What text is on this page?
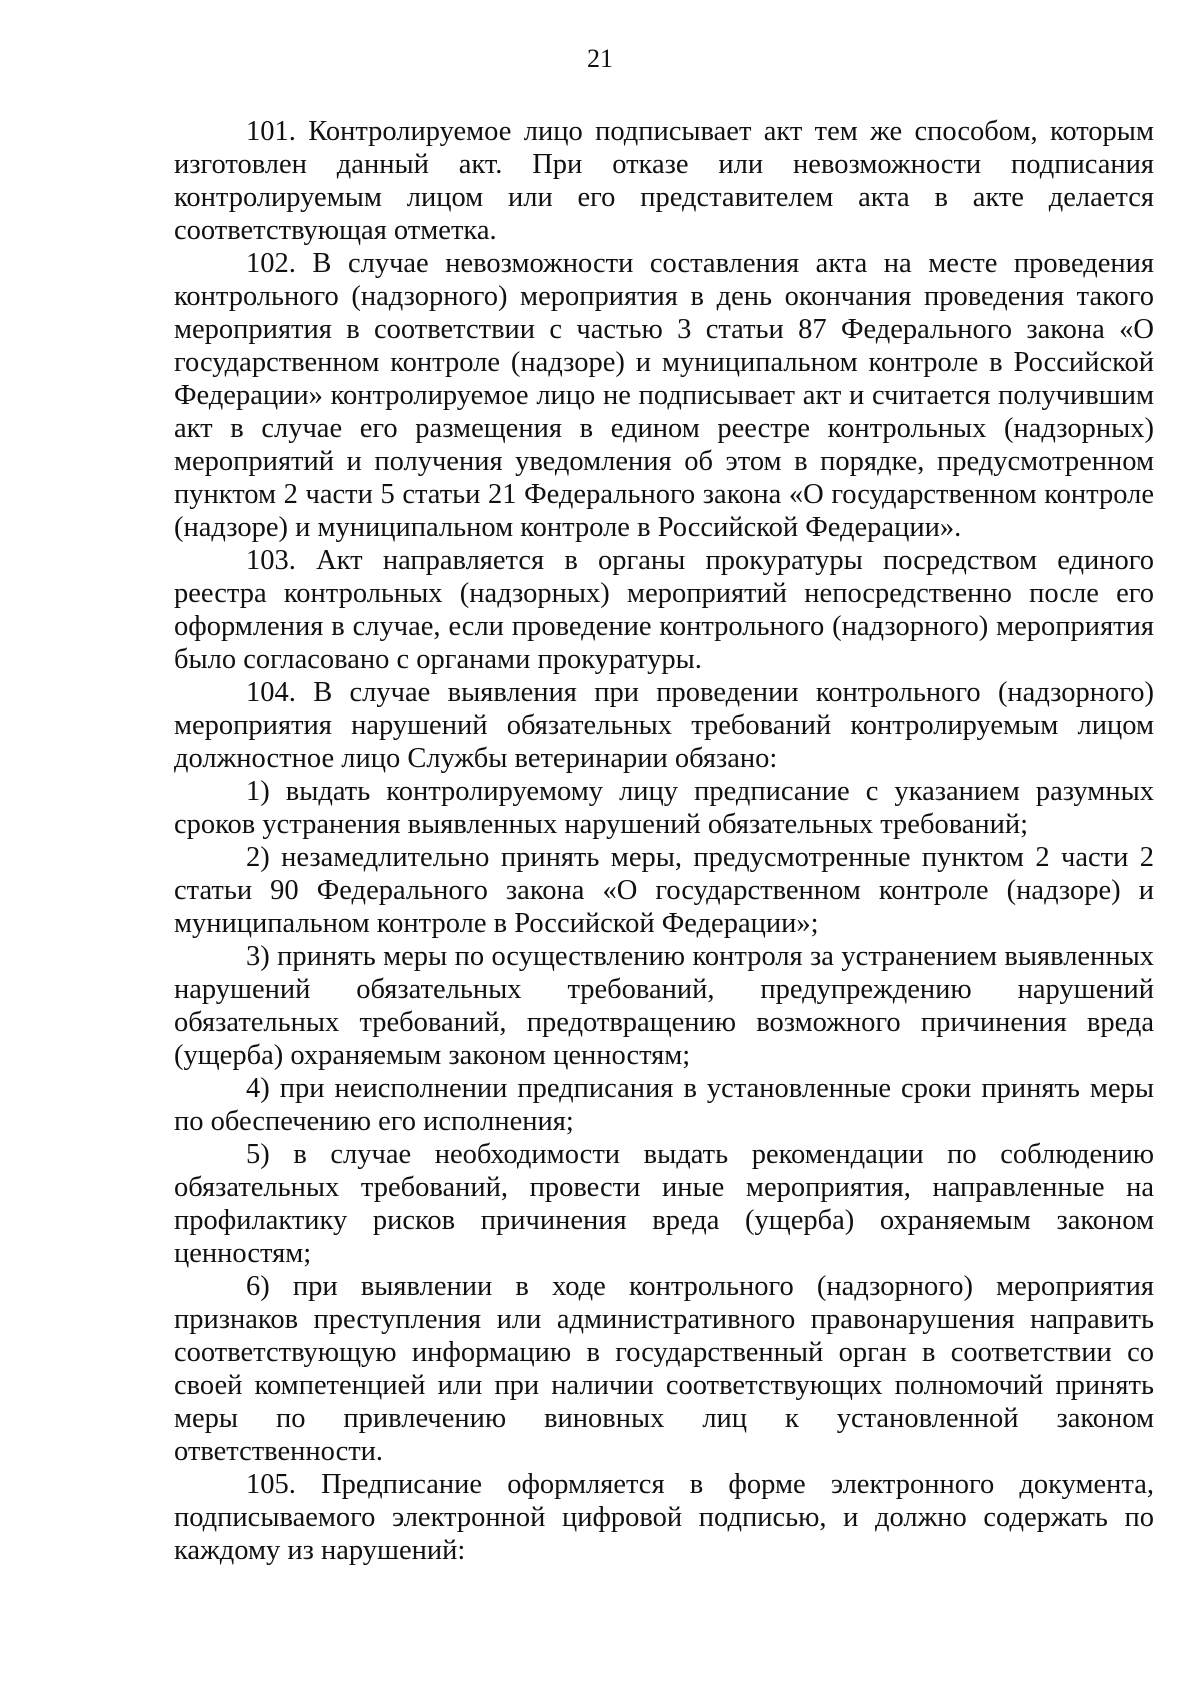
21

101. Контролируемое лицо подписывает акт тем же способом, которым изготовлен данный акт. При отказе или невозможности подписания контролируемым лицом или его представителем акта в акте делается соответствующая отметка.

102. В случае невозможности составления акта на месте проведения контрольного (надзорного) мероприятия в день окончания проведения такого мероприятия в соответствии с частью 3 статьи 87 Федерального закона «О государственном контроле (надзоре) и муниципальном контроле в Российской Федерации» контролируемое лицо не подписывает акт и считается получившим акт в случае его размещения в едином реестре контрольных (надзорных) мероприятий и получения уведомления об этом в порядке, предусмотренном пунктом 2 части 5 статьи 21 Федерального закона «О государственном контроле (надзоре) и муниципальном контроле в Российской Федерации».

103. Акт направляется в органы прокуратуры посредством единого реестра контрольных (надзорных) мероприятий непосредственно после его оформления в случае, если проведение контрольного (надзорного) мероприятия было согласовано с органами прокуратуры.

104. В случае выявления при проведении контрольного (надзорного) мероприятия нарушений обязательных требований контролируемым лицом должностное лицо Службы ветеринарии обязано:

1) выдать контролируемому лицу предписание с указанием разумных сроков устранения выявленных нарушений обязательных требований;

2) незамедлительно принять меры, предусмотренные пунктом 2 части 2 статьи 90 Федерального закона «О государственном контроле (надзоре) и муниципальном контроле в Российской Федерации»;

3) принять меры по осуществлению контроля за устранением выявленных нарушений обязательных требований, предупреждению нарушений обязательных требований, предотвращению возможного причинения вреда (ущерба) охраняемым законом ценностям;

4) при неисполнении предписания в установленные сроки принять меры по обеспечению его исполнения;

5) в случае необходимости выдать рекомендации по соблюдению обязательных требований, провести иные мероприятия, направленные на профилактику рисков причинения вреда (ущерба) охраняемым законом ценностям;

6) при выявлении в ходе контрольного (надзорного) мероприятия признаков преступления или административного правонарушения направить соответствующую информацию в государственный орган в соответствии со своей компетенцией или при наличии соответствующих полномочий принять меры по привлечению виновных лиц к установленной законом ответственности.

105. Предписание оформляется в форме электронного документа, подписываемого электронной цифровой подписью, и должно содержать по каждому из нарушений:
